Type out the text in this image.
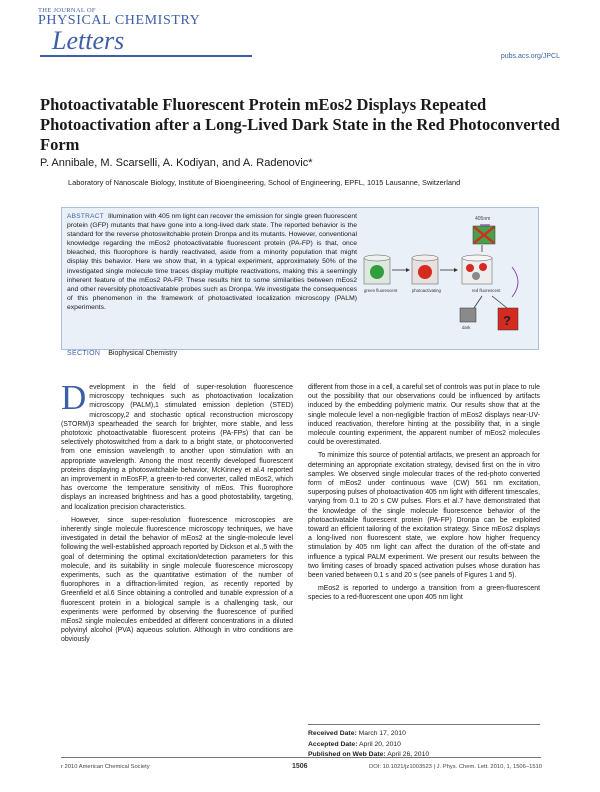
THE JOURNAL OF
PHYSICAL CHEMISTRY
Letters
pubs.acs.org/JPCL
Photoactivatable Fluorescent Protein mEos2 Displays Repeated Photoactivation after a Long-Lived Dark State in the Red Photoconverted Form
P. Annibale, M. Scarselli, A. Kodiyan, and A. Radenovic*
Laboratory of Nanoscale Biology, Institute of Bioengineering, School of Engineering, EPFL, 1015 Lausanne, Switzerland
ABSTRACT Illumination with 405 nm light can recover the emission for single green fluorescent protein (GFP) mutants that have gone into a long-lived dark state. The reported behavior is the standard for the reverse photoswitchable protein Dronpa and its mutants. However, conventional knowledge regarding the mEos2 photoactivatable fluorescent protein (PA-FP) is that, once bleached, this fluorophore is hardly reactivated, aside from a minority population that might display this behavior. Here we show that, in a typical experiment, approximately 50% of the investigated single molecule time traces display multiple reactivations, making this a seemingly inherent feature of the mEos2 PA-FP. These results hint to some similarities between mEos2 and other reversibly photoactivatable probes such as Dronpa. We investigate the consequences of this phenomenon in the framework of photoactivated localization microscopy (PALM) experiments.
SECTION Biophysical Chemistry
405nm
green fluorescent	photoactivating	red fluorescent
dark	?

Development in the field of super-resolution fluorescence microscopy techniques such as photoactivation localization microscopy (PALM),1 stimulated emission depletion (STED) microscopy,2 and stochastic optical reconstruction microscopy (STORM)3 spearheaded the search for brighter, more stable, and less phototoxic photoactivatable fluorescent proteins (PA-FPs) that can be selectively photoswitched from a dark to a bright state, or photoconverted from one emission wavelength to another upon stimulation with an appropriate wavelength. Among the most recently developed fluorescent proteins displaying a photoswitchable behavior, McKinney et al.4 reported an improvement in mEosFP, a green-to-red converter, called mEos2, which has overcome the temperature sensitivity of mEos. This fluorophore displays an increased brightness and has a good photostability, targeting, and localization precision characteristics.

However, since super-resolution fluorescence microscopies are inherently single molecule fluorescence microscopy techniques, we have investigated in detail the behavior of mEos2 at the single-molecule level following the well-established approach reported by Dickson et al.,5 with the goal of determining the optimal excitation/detection parameters for this molecule, and its suitability in single molecule fluorescence microscopy experiments, such as the quantitative estimation of the number of fluorophores in a diffraction-limited region, as recently reported by Greenfield et al.6 Since obtaining a controlled and tunable expression of a fluorescent protein in a biological sample is a challenging task, our experiments were performed by observing the fluorescence of purified mEos2 single molecules embedded at different concentrations in a diluted polyvinyl alcohol (PVA) aqueous solution. Although in vitro conditions are obviously

different from those in a cell, a careful set of controls was put in place to rule out the possibility that our observations could be influenced by artifacts induced by the embedding polymeric matrix. Our results show that at the single molecule level a non-negligible fraction of mEos2 displays near-UV-induced reactivation, therefore hinting at the possibility that, in a single molecule counting experiment, the apparent number of mEos2 molecules could be overestimated.

To minimize this source of potential artifacts, we present an approach for determining an appropriate excitation strategy, devised first on the in vitro samples. We observed single molecular traces of the red-photo converted form of mEos2 under continuous wave (CW) 561 nm excitation, superposing pulses of photoactivation 405 nm light with different timescales, varying from 0.1 to 20 s CW pulses. Flors et al.7 have demonstrated that the knowledge of the single molecule fluorescence behavior of the photoactivatable fluorescent protein (PA-FP) Dronpa can be exploited toward an efficient tailoring of the excitation strategy. Since mEos2 displays a long-lived non fluorescent state, we explore how higher frequency stimulation by 405 nm light can affect the duration of the off-state and influence a typical PALM experiment. We present our results between the two limiting cases of broadly spaced activation pulses whose duration has been varied between 0.1 s and 20 s (see panels of Figures 1 and 5).

mEos2 is reported to undergo a transition from a green-fluorescent species to a red-fluorescent one upon 405 nm light

Received Date: March 17, 2010
Accepted Date: April 20, 2010
Published on Web Date: April 26, 2010
r 2010 American Chemical Society	1506	DOI: 10.1021/jz1003523 | J. Phys. Chem. Lett. 2010, 1, 1506–1510
